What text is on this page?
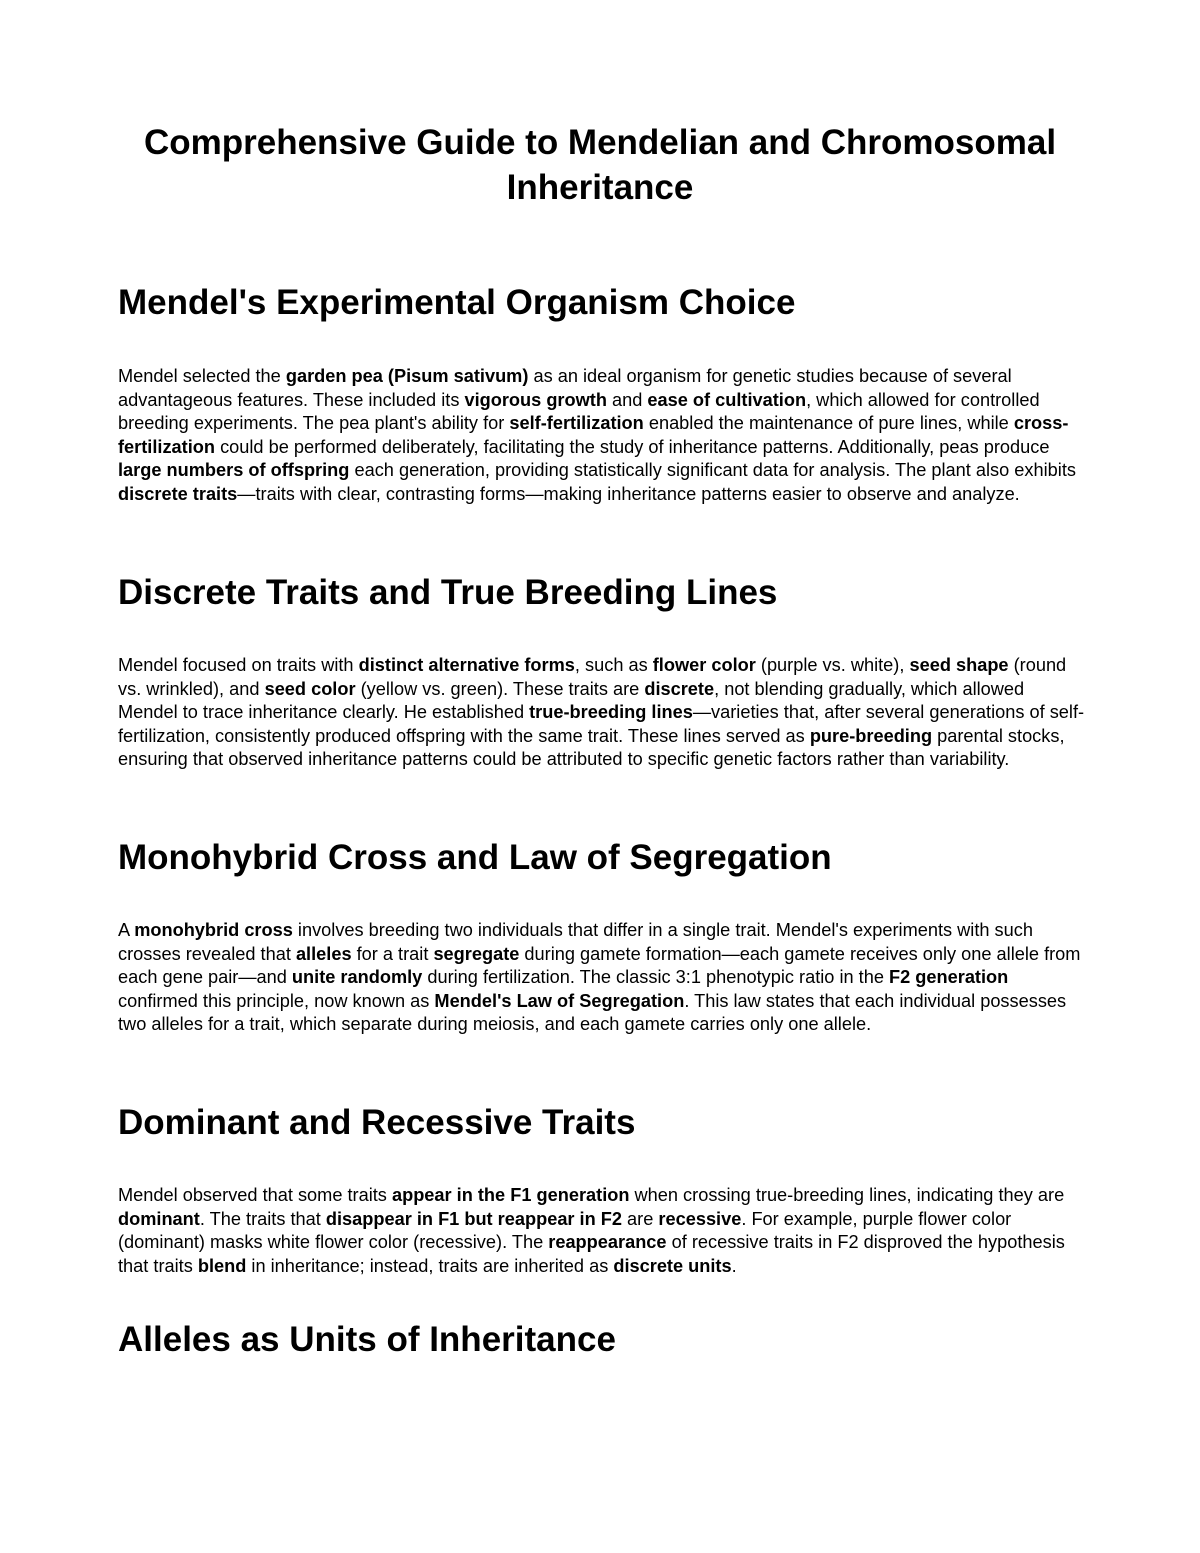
Comprehensive Guide to Mendelian and Chromosomal Inheritance
Mendel's Experimental Organism Choice

Mendel selected the garden pea (Pisum sativum) as an ideal organism for genetic studies because of several advantageous features. These included its vigorous growth and ease of cultivation, which allowed for controlled breeding experiments. The pea plant's ability for self-fertilization enabled the maintenance of pure lines, while cross-fertilization could be performed deliberately, facilitating the study of inheritance patterns. Additionally, peas produce large numbers of offspring each generation, providing statistically significant data for analysis. The plant also exhibits discrete traits—traits with clear, contrasting forms—making inheritance patterns easier to observe and analyze.

Discrete Traits and True Breeding Lines

Mendel focused on traits with distinct alternative forms, such as flower color (purple vs. white), seed shape (round vs. wrinkled), and seed color (yellow vs. green). These traits are discrete, not blending gradually, which allowed Mendel to trace inheritance clearly. He established true-breeding lines—varieties that, after several generations of self-fertilization, consistently produced offspring with the same trait. These lines served as pure-breeding parental stocks, ensuring that observed inheritance patterns could be attributed to specific genetic factors rather than variability.

Monohybrid Cross and Law of Segregation

A monohybrid cross involves breeding two individuals that differ in a single trait. Mendel's experiments with such crosses revealed that alleles for a trait segregate during gamete formation—each gamete receives only one allele from each gene pair—and unite randomly during fertilization. The classic 3:1 phenotypic ratio in the F2 generation confirmed this principle, now known as Mendel's Law of Segregation. This law states that each individual possesses two alleles for a trait, which separate during meiosis, and each gamete carries only one allele.

Dominant and Recessive Traits

Mendel observed that some traits appear in the F1 generation when crossing true-breeding lines, indicating they are dominant. The traits that disappear in F1 but reappear in F2 are recessive. For example, purple flower color (dominant) masks white flower color (recessive). The reappearance of recessive traits in F2 disproved the hypothesis that traits blend in inheritance; instead, traits are inherited as discrete units.

Alleles as Units of Inheritance
